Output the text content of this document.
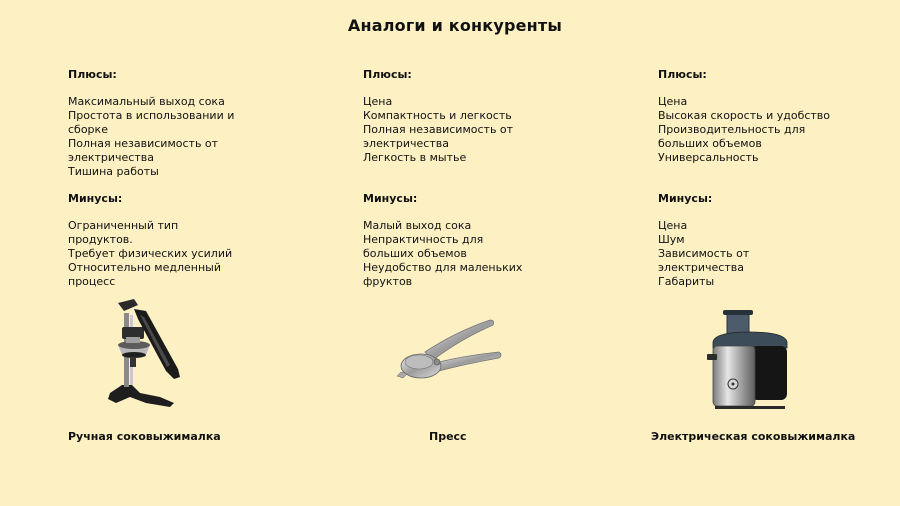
Аналоги и конкуренты

Плюсы:

Максимальный выход сока
Простота в использовании и
сборке
Полная независимость от
электричества
Тишина работы

Минусы:

Ограниченный тип
продуктов.
Требует физических усилий
Относительно медленный
процесс

Плюсы:

Цена
Компактность и легкость
Полная независимость от
электричества
Легкость в мытье

Минусы:

Малый выход сока
Непрактичность для
больших объемов
Неудобство для маленьких
фруктов

Плюсы:

Цена
Высокая скорость и удобство
Производительность для
больших объемов
Универсальность

Минусы:

Цена
Шум
Зависимость от
электричества
Габариты
Ручная соковыжималка	Пресс	Электрическая соковыжималка
